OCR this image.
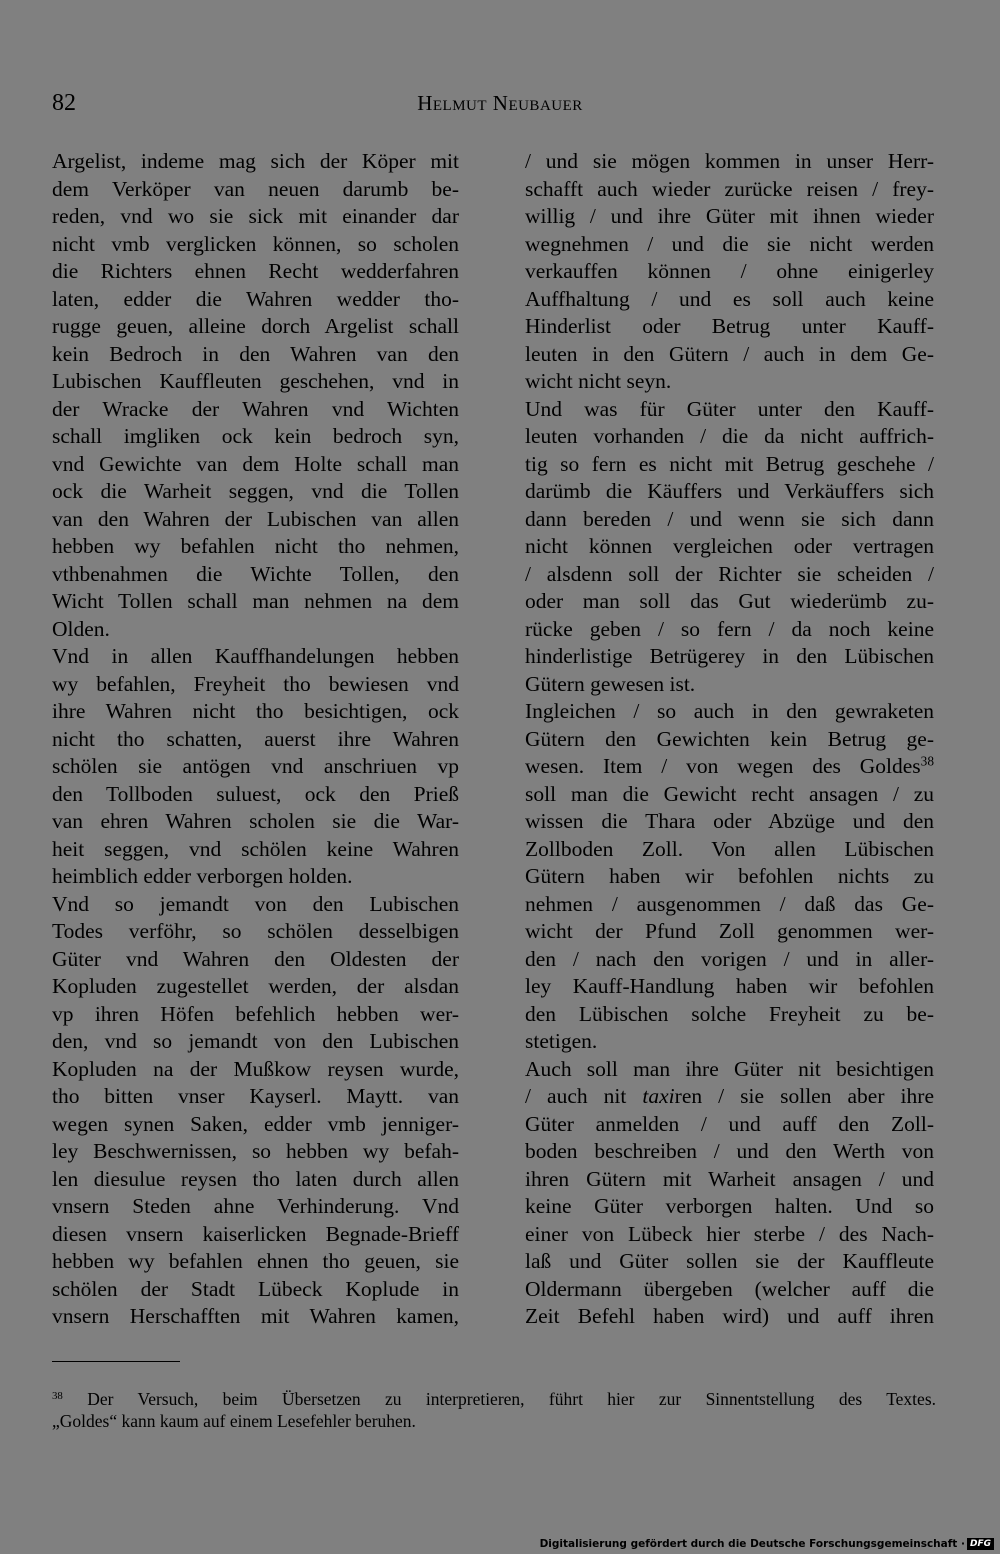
82	Helmut Neubauer
Argelist, indeme mag sich der Köper mit
dem Verköper van neuen darumb be-
reden, vnd wo sie sick mit einander dar
nicht vmb verglicken können, so scholen
die Richters ehnen Recht wedderfahren
laten, edder die Wahren wedder tho-
rugge geuen, alleine dorch Argelist schall
kein Bedroch in den Wahren van den
Lubischen Kauffleuten geschehen, vnd in
der Wracke der Wahren vnd Wichten
schall imgliken ock kein bedroch syn,
vnd Gewichte van dem Holte schall man
ock die Warheit seggen, vnd die Tollen
van den Wahren der Lubischen van allen
hebben wy befahlen nicht tho nehmen,
vthbenahmen die Wichte Tollen, den
Wicht Tollen schall man nehmen na dem
Olden.
Vnd in allen Kauffhandelungen hebben
wy befahlen, Freyheit tho bewiesen vnd
ihre Wahren nicht tho besichtigen, ock
nicht tho schatten, auerst ihre Wahren
schölen sie antögen vnd anschriuen vp
den Tollboden suluest, ock den Prieß
van ehren Wahren scholen sie die War-
heit seggen, vnd schölen keine Wahren
heimblich edder verborgen holden.
Vnd so jemandt von den Lubischen
Todes verföhr, so schölen desselbigen
Güter vnd Wahren den Oldesten der
Kopluden zugestellet werden, der alsdan
vp ihren Höfen befehlich hebben wer-
den, vnd so jemandt von den Lubischen
Kopluden na der Mußkow reysen wurde,
tho bitten vnser Kayserl. Maytt. van
wegen synen Saken, edder vmb jenniger-
ley Beschwernissen, so hebben wy befah-
len diesulue reysen tho laten durch allen
vnsern Steden ahne Verhinderung. Vnd
diesen vnsern kaiserlicken Begnade-Brieff
hebben wy befahlen ehnen tho geuen, sie
schölen der Stadt Lübeck Koplude in
vnsern Herschafften mit Wahren kamen,
/ und sie mögen kommen in unser Herr-
schafft auch wieder zurücke reisen / frey-
willig / und ihre Güter mit ihnen wieder
wegnehmen / und die sie nicht werden
verkauffen können / ohne einigerley
Auffhaltung / und es soll auch keine
Hinderlist oder Betrug unter Kauff-
leuten in den Gütern / auch in dem Ge-
wicht nicht seyn.
Und was für Güter unter den Kauff-
leuten vorhanden / die da nicht auffrich-
tig so fern es nicht mit Betrug geschehe /
darümb die Käuffers und Verkäuffers sich
dann bereden / und wenn sie sich dann
nicht können vergleichen oder vertragen
/ alsdenn soll der Richter sie scheiden /
oder man soll das Gut wiederümb zu-
rücke geben / so fern / da noch keine
hinderlistige Betrügerey in den Lübischen
Gütern gewesen ist.
Ingleichen / so auch in den gewraketen
Gütern den Gewichten kein Betrug ge-
wesen. Item / von wegen des Goldes$^{38}$
soll man die Gewicht recht ansagen / zu
wissen die Thara oder Abzüge und den
Zollboden Zoll. Von allen Lübischen
Gütern haben wir befohlen nichts zu
nehmen / ausgenommen / daß das Ge-
wicht der Pfund Zoll genommen wer-
den / nach den vorigen / und in aller-
ley Kauff-Handlung haben wir befohlen
den Lübischen solche Freyheit zu be-
stetigen.
Auch soll man ihre Güter nit besichtigen
/ auch nit taxiren / sie sollen aber ihre
Güter anmelden / und auff den Zoll-
boden beschreiben / und den Werth von
ihren Gütern mit Warheit ansagen / und
keine Güter verborgen halten. Und so
einer von Lübeck hier sterbe / des Nach-
laß und Güter sollen sie der Kauffleute
Oldermann übergeben (welcher auff die
Zeit Befehl haben wird) und auff ihren
$^{38}$ Der Versuch, beim Übersetzen zu interpretieren, führt hier zur Sinnentstellung des Textes.
„Goldes“ kann kaum auf einem Lesefehler beruhen.
Digitalisierung gefördert durch die Deutsche Forschungsgemeinschaft · DFG
